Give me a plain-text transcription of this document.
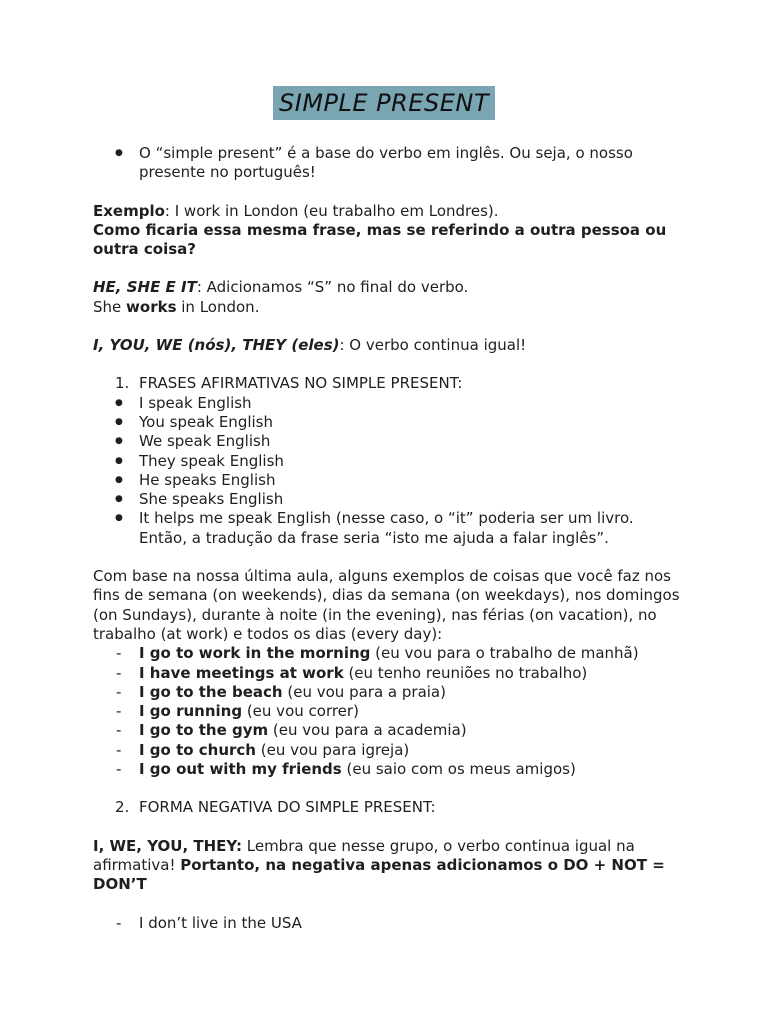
SIMPLE PRESENT
● O “simple present” é a base do verbo em inglês. Ou seja, o nosso presente no português!

Exemplo: I work in London (eu trabalho em Londres).

Como ficaria essa mesma frase, mas se referindo a outra pessoa ou outra coisa?

HE, SHE E IT: Adicionamos “S” no final do verbo.

She works in London.

I, YOU, WE (nós), THEY (eles): O verbo continua igual!

1. FRASES AFIRMATIVAS NO SIMPLE PRESENT:

● I speak English
● You speak English
● We speak English
● They speak English
● He speaks English
● She speaks English
● It helps me speak English (nesse caso, o “it” poderia ser um livro. Então, a tradução da frase seria “isto me ajuda a falar inglês”.

Com base na nossa última aula, alguns exemplos de coisas que você faz nos fins de semana (on weekends), dias da semana (on weekdays), nos domingos (on Sundays), durante à noite (in the evening), nas férias (on vacation), no trabalho (at work) e todos os dias (every day):

- I go to work in the morning (eu vou para o trabalho de manhã)
- I have meetings at work (eu tenho reuniões no trabalho)
- I go to the beach (eu vou para a praia)
- I go running (eu vou correr)
- I go to the gym (eu vou para a academia)
- I go to church (eu vou para igreja)
- I go out with my friends (eu saio com os meus amigos)

2. FORMA NEGATIVA DO SIMPLE PRESENT:

I, WE, YOU, THEY: Lembra que nesse grupo, o verbo continua igual na afirmativa! Portanto, na negativa apenas adicionamos o DO + NOT = DON’T

- I don’t live in the USA
